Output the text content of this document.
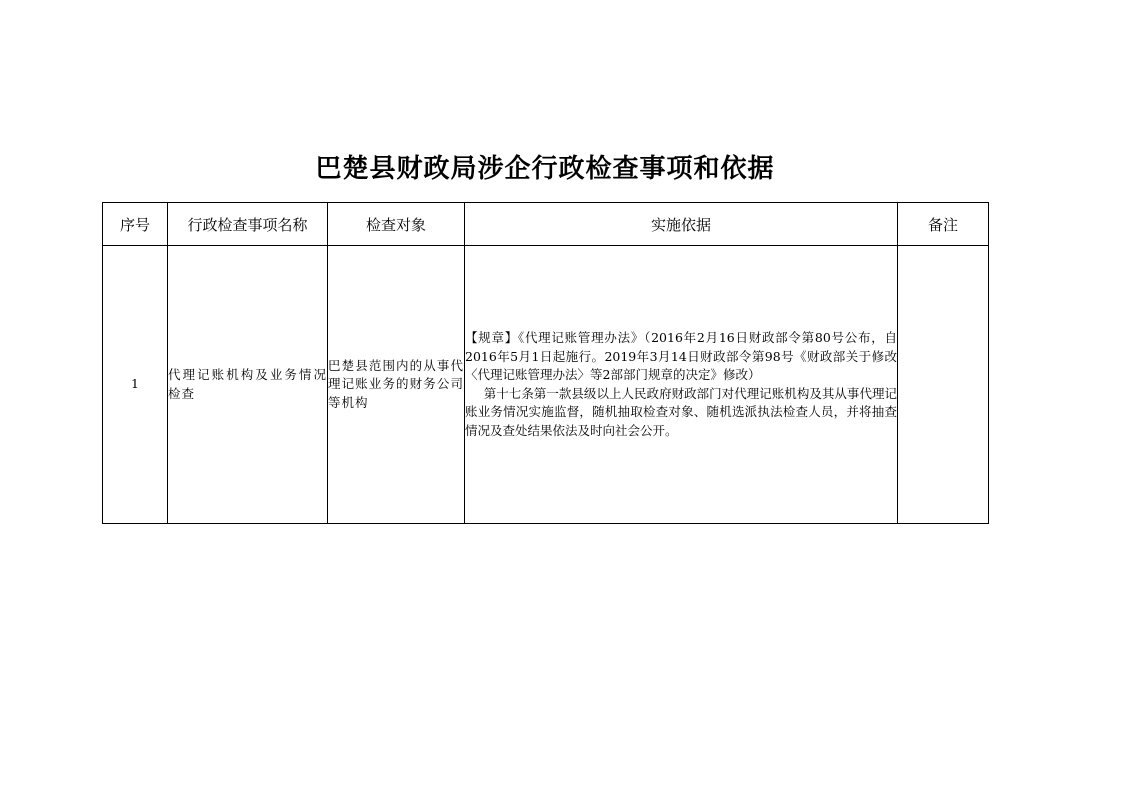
巴楚县财政局涉企行政检查事项和依据
序号	行政检查事项名称	检查对象	实施依据	备注
1	代理记账机构及业务情况检查	巴楚县范围内的从事代理记账业务的财务公司等机构	【规章】《代理记账管理办法》（2016年2月16日财政部令第80号公布，自2016年5月1日起施行。2019年3月14日财政部令第98号《财政部关于修改〈代理记账管理办法〉等2部部门规章的决定》修改）

第十七条第一款县级以上人民政府财政部门对代理记账机构及其从事代理记账业务情况实施监督，随机抽取检查对象、随机选派执法检查人员，并将抽查情况及查处结果依法及时向社会公开。	
